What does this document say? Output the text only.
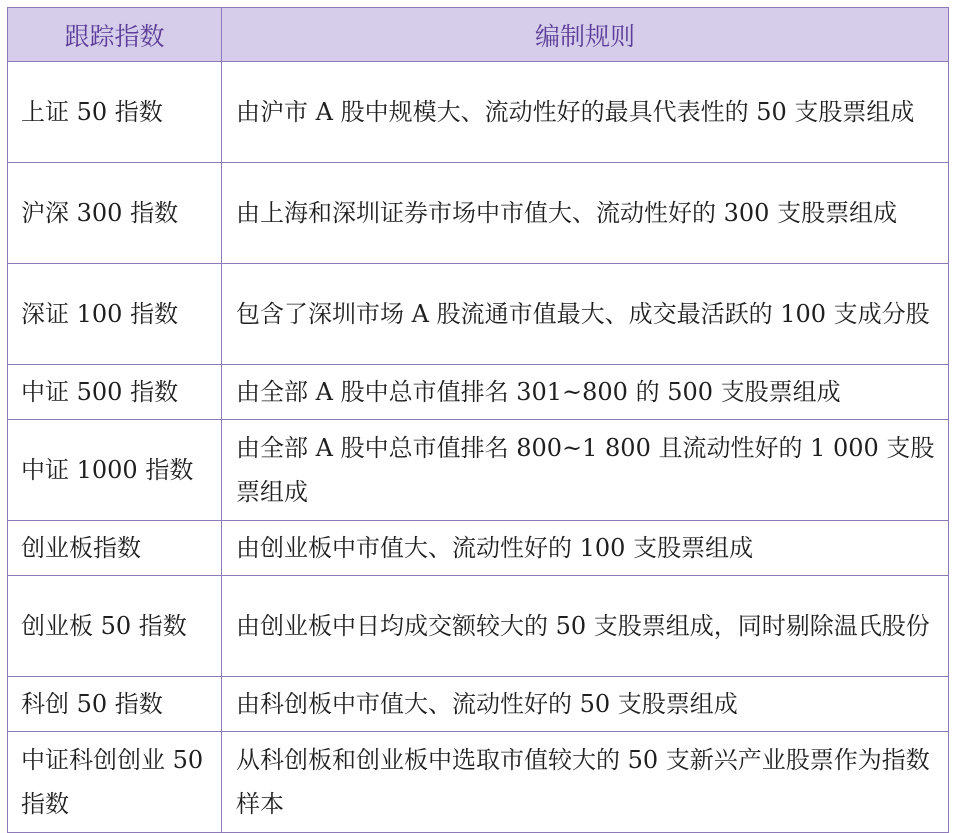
跟踪指数	编制规则
上证 50 指数	由沪市 A 股中规模大、流动性好的最具代表性的 50 支股票组成
沪深 300 指数	由上海和深圳证券市场中市值大、流动性好的 300 支股票组成
深证 100 指数	包含了深圳市场 A 股流通市值最大、成交最活跃的 100 支成分股
中证 500 指数	由全部 A 股中总市值排名 301~800 的 500 支股票组成
中证 1000 指数	由全部 A 股中总市值排名 800~1 800 且流动性好的 1 000 支股票组成
创业板指数	由创业板中市值大、流动性好的 100 支股票组成
创业板 50 指数	由创业板中日均成交额较大的 50 支股票组成，同时剔除温氏股份
科创 50 指数	由科创板中市值大、流动性好的 50 支股票组成
中证科创创业 50 指数	从科创板和创业板中选取市值较大的 50 支新兴产业股票作为指数样本
